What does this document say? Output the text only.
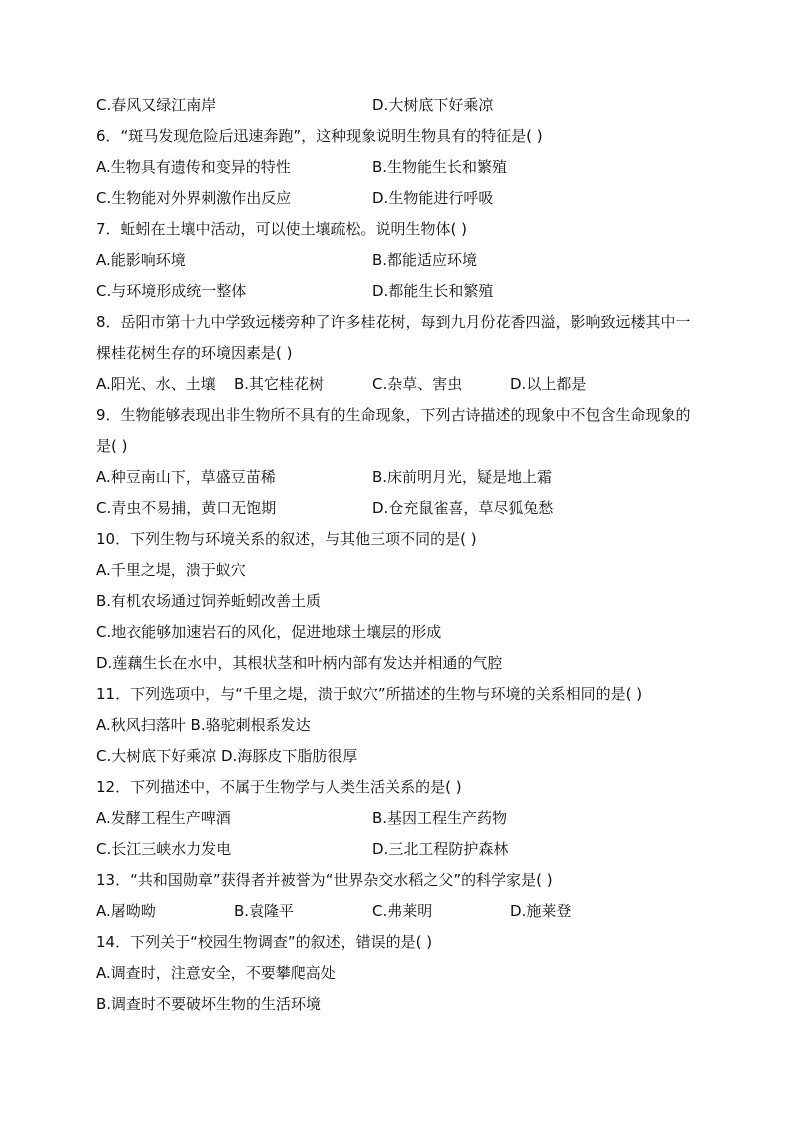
C.春风又绿江南岸	D.大树底下好乘凉
6．“斑马发现危险后迅速奔跑”，这种现象说明生物具有的特征是( )
A.生物具有遗传和变异的特性	B.生物能生长和繁殖
C.生物能对外界刺激作出反应	D.生物能进行呼吸
7．蚯蚓在土壤中活动，可以使土壤疏松。说明生物体( )
A.能影响环境	B.都能适应环境
C.与环境形成统一整体	D.都能生长和繁殖
8．岳阳市第十九中学致远楼旁种了许多桂花树，每到九月份花香四溢，影响致远楼其中一棵桂花树生存的环境因素是( )
A.阳光、水、土壤 B.其它桂花树	C.杂草、害虫	D.以上都是
9．生物能够表现出非生物所不具有的生命现象，下列古诗描述的现象中不包含生命现象的是( )
A.种豆南山下，草盛豆苗稀	B.床前明月光，疑是地上霜
C.青虫不易捕，黄口无饱期	D.仓充鼠雀喜，草尽狐兔愁
10．下列生物与环境关系的叙述，与其他三项不同的是( )
A.千里之堤，溃于蚁穴
B.有机农场通过饲养蚯蚓改善土质
C.地衣能够加速岩石的风化，促进地球土壤层的形成
D.莲藕生长在水中，其根状茎和叶柄内部有发达并相通的气腔
11．下列选项中，与“千里之堤，溃于蚁穴”所描述的生物与环境的关系相同的是( )
A.秋风扫落叶 B.骆驼刺根系发达
C.大树底下好乘凉 D.海豚皮下脂肪很厚
12．下列描述中，不属于生物学与人类生活关系的是( )
A.发酵工程生产啤酒	B.基因工程生产药物
C.长江三峡水力发电	D.三北工程防护森林
13．“共和国勋章”获得者并被誉为“世界杂交水稻之父”的科学家是( )
A.屠呦呦	B.袁隆平	C.弗莱明	D.施莱登
14．下列关于“校园生物调查”的叙述，错误的是( )
A.调查时，注意安全，不要攀爬高处
B.调查时不要破坏生物的生活环境
